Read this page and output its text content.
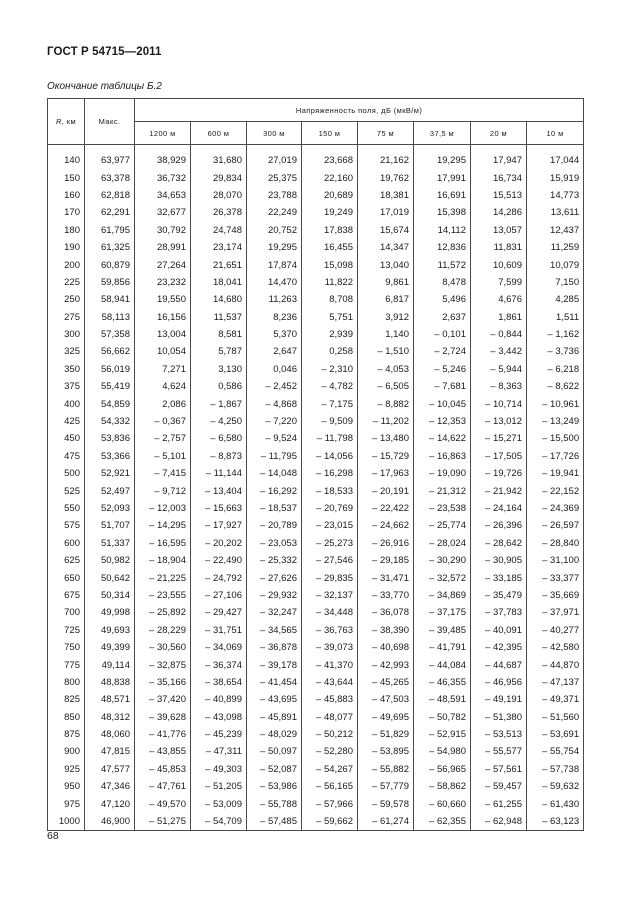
ГОСТ Р 54715—2011
Окончание таблицы Б.2
R, км	Макс.	Напряженность поля, дБ (мкВ/м)							
		1200 м	600 м	300 м	150 м	75 м	37,5 м	20 м	10 м

140	63,977	38,929	31,680	27,019	23,668	21,162	19,295	17,947	17,044
150	63,378	36,732	29,834	25,375	22,160	19,762	17,991	16,734	15,919
160	62,818	34,653	28,070	23,788	20,689	18,381	16,691	15,513	14,773
170	62,291	32,677	26,378	22,249	19,249	17,019	15,398	14,286	13,611
180	61,795	30,792	24,748	20,752	17,838	15,674	14,112	13,057	12,437
190	61,325	28,991	23,174	19,295	16,455	14,347	12,836	11,831	11,259
200	60,879	27,264	21,651	17,874	15,098	13,040	11,572	10,609	10,079
225	59,856	23,232	18,041	14,470	11,822	9,861	8,478	7,599	7,150
250	58,941	19,550	14,680	11,263	8,708	6,817	5,496	4,676	4,285
275	58,113	16,156	11,537	8,236	5,751	3,912	2,637	1,861	1,511
300	57,358	13,004	8,581	5,370	2,939	1,140	– 0,101	– 0,844	– 1,162
325	56,662	10,054	5,787	2,647	0,258	– 1,510	– 2,724	– 3,442	– 3,736
350	56,019	7,271	3,130	0,046	– 2,310	– 4,053	– 5,246	– 5,944	– 6,218
375	55,419	4,624	0,586	– 2,452	– 4,782	– 6,505	– 7,681	– 8,363	– 8,622
400	54,859	2,086	– 1,867	– 4,868	– 7,175	– 8,882	– 10,045	– 10,714	– 10,961
425	54,332	– 0,367	– 4,250	– 7,220	– 9,509	– 11,202	– 12,353	– 13,012	– 13,249
450	53,836	– 2,757	– 6,580	– 9,524	– 11,798	– 13,480	– 14,622	– 15,271	– 15,500
475	53,366	– 5,101	– 8,873	– 11,795	– 14,056	– 15,729	– 16,863	– 17,505	– 17,726
500	52,921	– 7,415	– 11,144	– 14,048	– 16,298	– 17,963	– 19,090	– 19,726	– 19,941
525	52,497	– 9,712	– 13,404	– 16,292	– 18,533	– 20,191	– 21,312	– 21,942	– 22,152
550	52,093	– 12,003	– 15,663	– 18,537	– 20,769	– 22,422	– 23,538	– 24,164	– 24,369
575	51,707	– 14,295	– 17,927	– 20,789	– 23,015	– 24,662	– 25,774	– 26,396	– 26,597
600	51,337	– 16,595	– 20,202	– 23,053	– 25,273	– 26,916	– 28,024	– 28,642	– 28,840
625	50,982	– 18,904	– 22,490	– 25,332	– 27,546	– 29,185	– 30,290	– 30,905	– 31,100
650	50,642	– 21,225	– 24,792	– 27,626	– 29,835	– 31,471	– 32,572	– 33,185	– 33,377
675	50,314	– 23,555	– 27,106	– 29,932	– 32,137	– 33,770	– 34,869	– 35,479	– 35,669
700	49,998	– 25,892	– 29,427	– 32,247	– 34,448	– 36,078	– 37,175	– 37,783	– 37,971
725	49,693	– 28,229	– 31,751	– 34,565	– 36,763	– 38,390	– 39,485	– 40,091	– 40,277
750	49,399	– 30,560	– 34,069	– 36,878	– 39,073	– 40,698	– 41,791	– 42,395	– 42,580
775	49,114	– 32,875	– 36,374	– 39,178	– 41,370	– 42,993	– 44,084	– 44,687	– 44,870
800	48,838	– 35,166	– 38,654	– 41,454	– 43,644	– 45,265	– 46,355	– 46,956	– 47,137
825	48,571	– 37,420	– 40,899	– 43,695	– 45,883	– 47,503	– 48,591	– 49,191	– 49,371
850	48,312	– 39,628	– 43,098	– 45,891	– 48,077	– 49,695	– 50,782	– 51,380	– 51,560
875	48,060	– 41,776	– 45,239	– 48,029	– 50,212	– 51,829	– 52,915	– 53,513	– 53,691
900	47,815	– 43,855	– 47,311	– 50,097	– 52,280	– 53,895	– 54,980	– 55,577	– 55,754
925	47,577	– 45,853	– 49,303	– 52,087	– 54,267	– 55,882	– 56,965	– 57,561	– 57,738
950	47,346	– 47,761	– 51,205	– 53,986	– 56,165	– 57,779	– 58,862	– 59,457	– 59,632
975	47,120	– 49,570	– 53,009	– 55,788	– 57,966	– 59,578	– 60,660	– 61,255	– 61,430
1000	46,900	– 51,275	– 54,709	– 57,485	– 59,662	– 61,274	– 62,355	– 62,948	– 63,123
68
